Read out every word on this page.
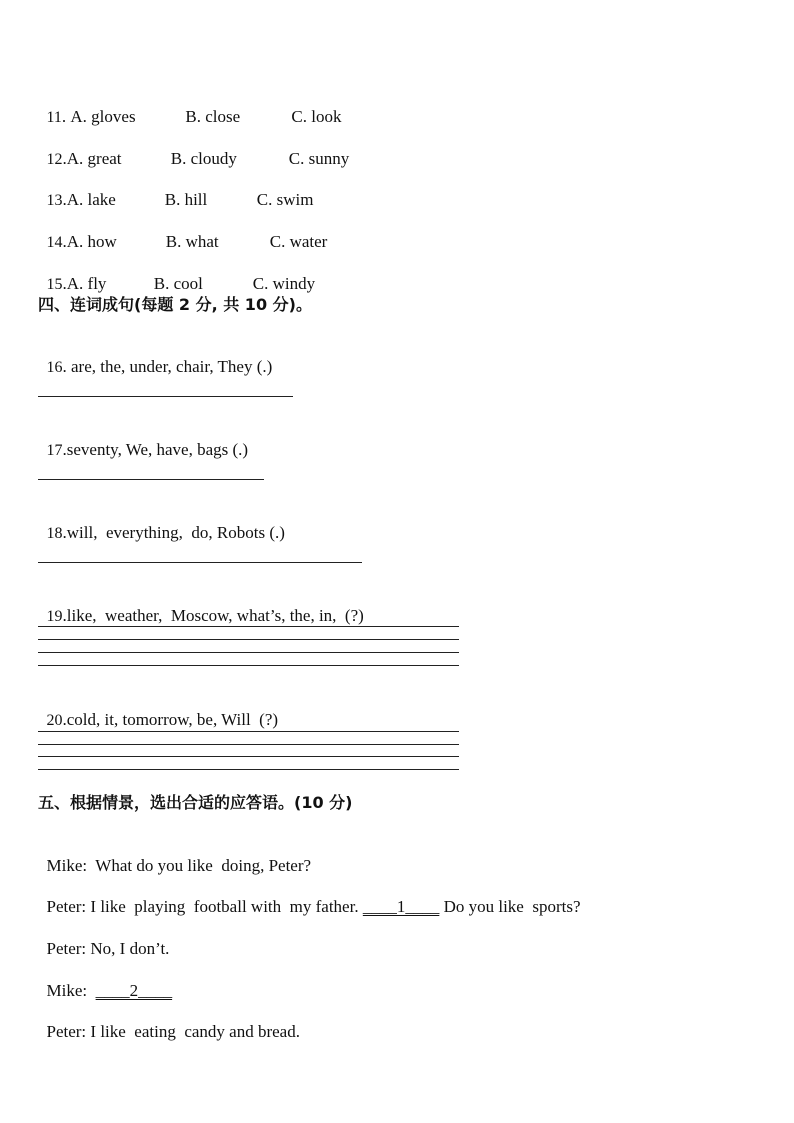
11. A. gloves	B. close	C. look

12.A. great	B. cloudy	C. sunny

13.A. lake	B. hill	C. swim

14.A. how	B. what	C. water

15.A. fly	B. cool	C. windy

四、连词成句(每题 2 分, 共 10 分)。

16. are, the, under, chair, They (.)

17.seventy, We, have, bags (.)

18.will,  everything,  do, Robots (.)

19.like,  weather,  Moscow, what’s, the, in,  (?)

20.cold, it, tomorrow, be, Will  (?)

五、根据情景，选出合适的应答语。(10 分)

Mike:  What do you like  doing, Peter?

Peter: I like  playing  football with  my father. ____1____ Do you like  sports?

Peter: No, I don’t.

Mike:  ____2____

Peter: I like  eating  candy and bread.
